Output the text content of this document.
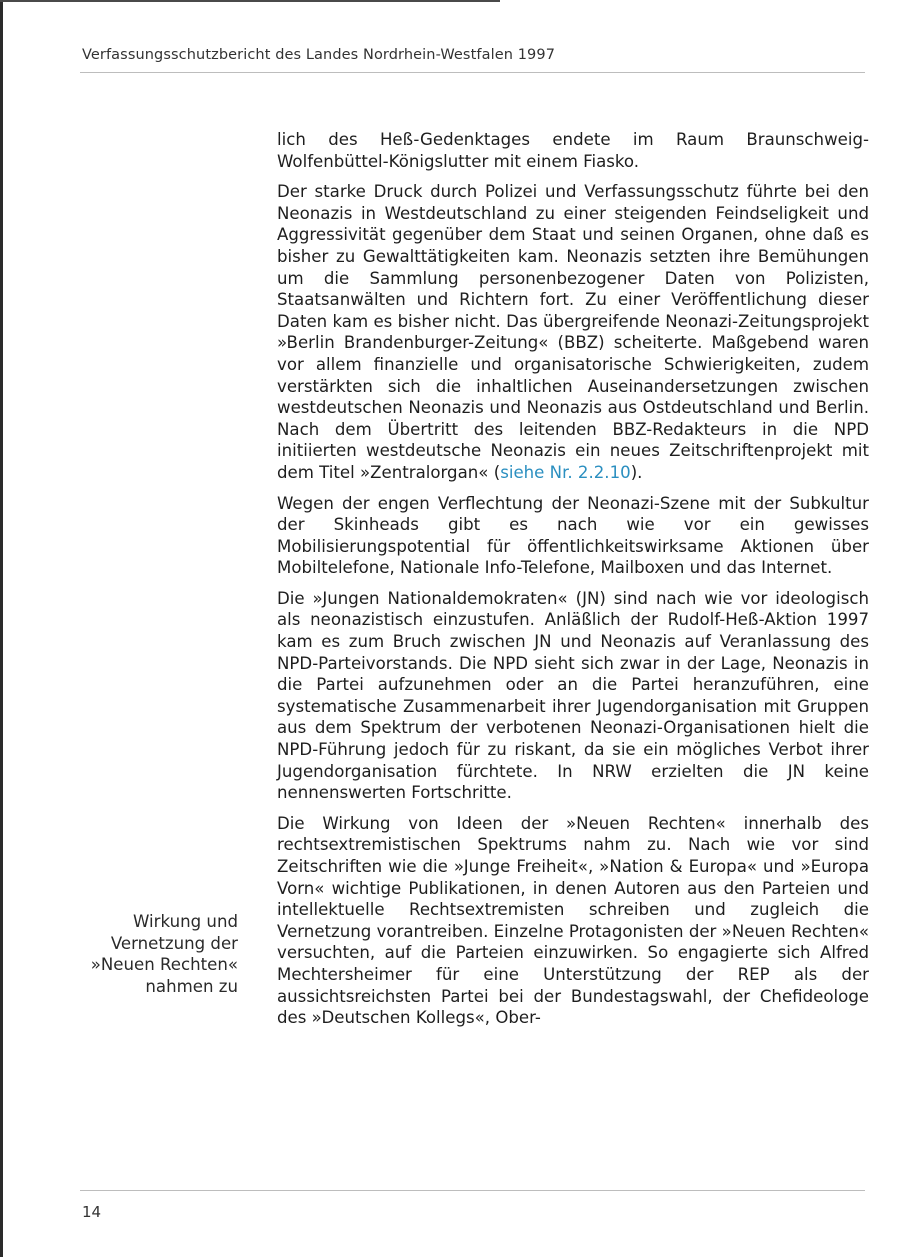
Verfassungsschutzbericht des Landes Nordrhein-Westfalen 1997

lich des Heß-Gedenktages endete im Raum Braunschweig-Wolfenbüttel-Königslutter mit einem Fiasko.

Der starke Druck durch Polizei und Verfassungsschutz führte bei den Neonazis in Westdeutschland zu einer steigenden Feindseligkeit und Aggressivität gegenüber dem Staat und seinen Organen, ohne daß es bisher zu Gewalttätigkeiten kam. Neonazis setzten ihre Bemühungen um die Sammlung personenbezogener Daten von Polizisten, Staatsanwälten und Richtern fort. Zu einer Veröffentlichung dieser Daten kam es bisher nicht. Das übergreifende Neonazi-Zeitungsprojekt »Berlin Brandenburger-Zeitung« (BBZ) scheiterte. Maßgebend waren vor allem finanzielle und organisatorische Schwierigkeiten, zudem verstärkten sich die inhaltlichen Auseinandersetzungen zwischen westdeutschen Neonazis und Neonazis aus Ostdeutschland und Berlin. Nach dem Übertritt des leitenden BBZ-Redakteurs in die NPD initiierten westdeutsche Neonazis ein neues Zeitschriftenprojekt mit dem Titel »Zentralorgan« (siehe Nr. 2.2.10).

Wegen der engen Verflechtung der Neonazi-Szene mit der Subkultur der Skinheads gibt es nach wie vor ein gewisses Mobilisierungspotential für öffentlichkeitswirksame Aktionen über Mobiltelefone, Nationale Info-Telefone, Mailboxen und das Internet.

Die »Jungen Nationaldemokraten« (JN) sind nach wie vor ideologisch als neonazistisch einzustufen. Anläßlich der Rudolf-Heß-Aktion 1997 kam es zum Bruch zwischen JN und Neonazis auf Veranlassung des NPD-Parteivorstands. Die NPD sieht sich zwar in der Lage, Neonazis in die Partei aufzunehmen oder an die Partei heranzuführen, eine systematische Zusammenarbeit ihrer Jugendorganisation mit Gruppen aus dem Spektrum der verbotenen Neonazi-Organisationen hielt die NPD-Führung jedoch für zu riskant, da sie ein mögliches Verbot ihrer Jugendorganisation fürchtete. In NRW erzielten die JN keine nennenswerten Fortschritte.

Die Wirkung von Ideen der »Neuen Rechten« innerhalb des rechtsextremistischen Spektrums nahm zu. Nach wie vor sind Zeitschriften wie die »Junge Freiheit«, »Nation & Europa« und »Europa Vorn« wichtige Publikationen, in denen Autoren aus den Parteien und intellektuelle Rechtsextremisten schreiben und zugleich die Vernetzung vorantreiben. Einzelne Protagonisten der »Neuen Rechten« versuchten, auf die Parteien einzuwirken. So engagierte sich Alfred Mechtersheimer für eine Unterstützung der REP als der aussichtsreichsten Partei bei der Bundestagswahl, der Chefideologe des »Deutschen Kollegs«, Ober-

Wirkung und Vernetzung der »Neuen Rechten« nahmen zu
14
